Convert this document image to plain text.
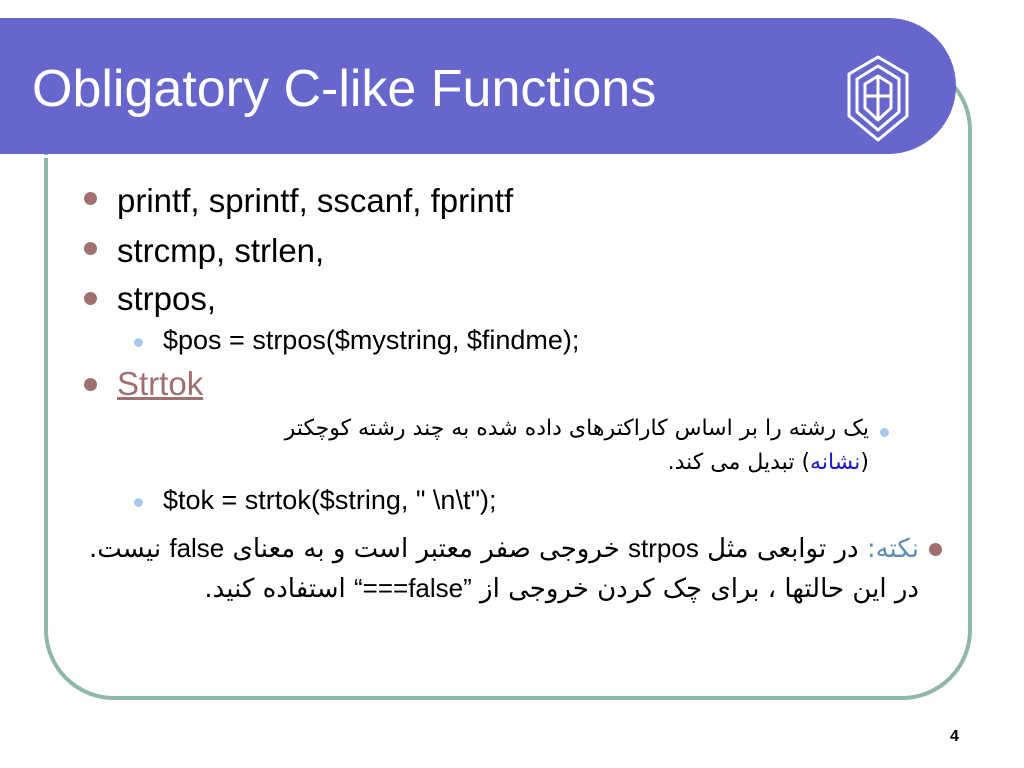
Obligatory C-like Functions
printf, sprintf, sscanf, fprintf
strcmp, strlen,
strpos,
$pos = strpos($mystring, $findme);
Strtok
یک رشته را بر اساس کاراکترهای داده شده به چند رشته کوچکتر
(نشانه) تبدیل می کند.
$tok = strtok($string, " \n\t");
نکته: در توابعی مثل strpos خروجی صفر معتبر است و به معنای false نیست. در این حالتها ، برای چک کردن خروجی از “===false” استفاده کنید.
4
